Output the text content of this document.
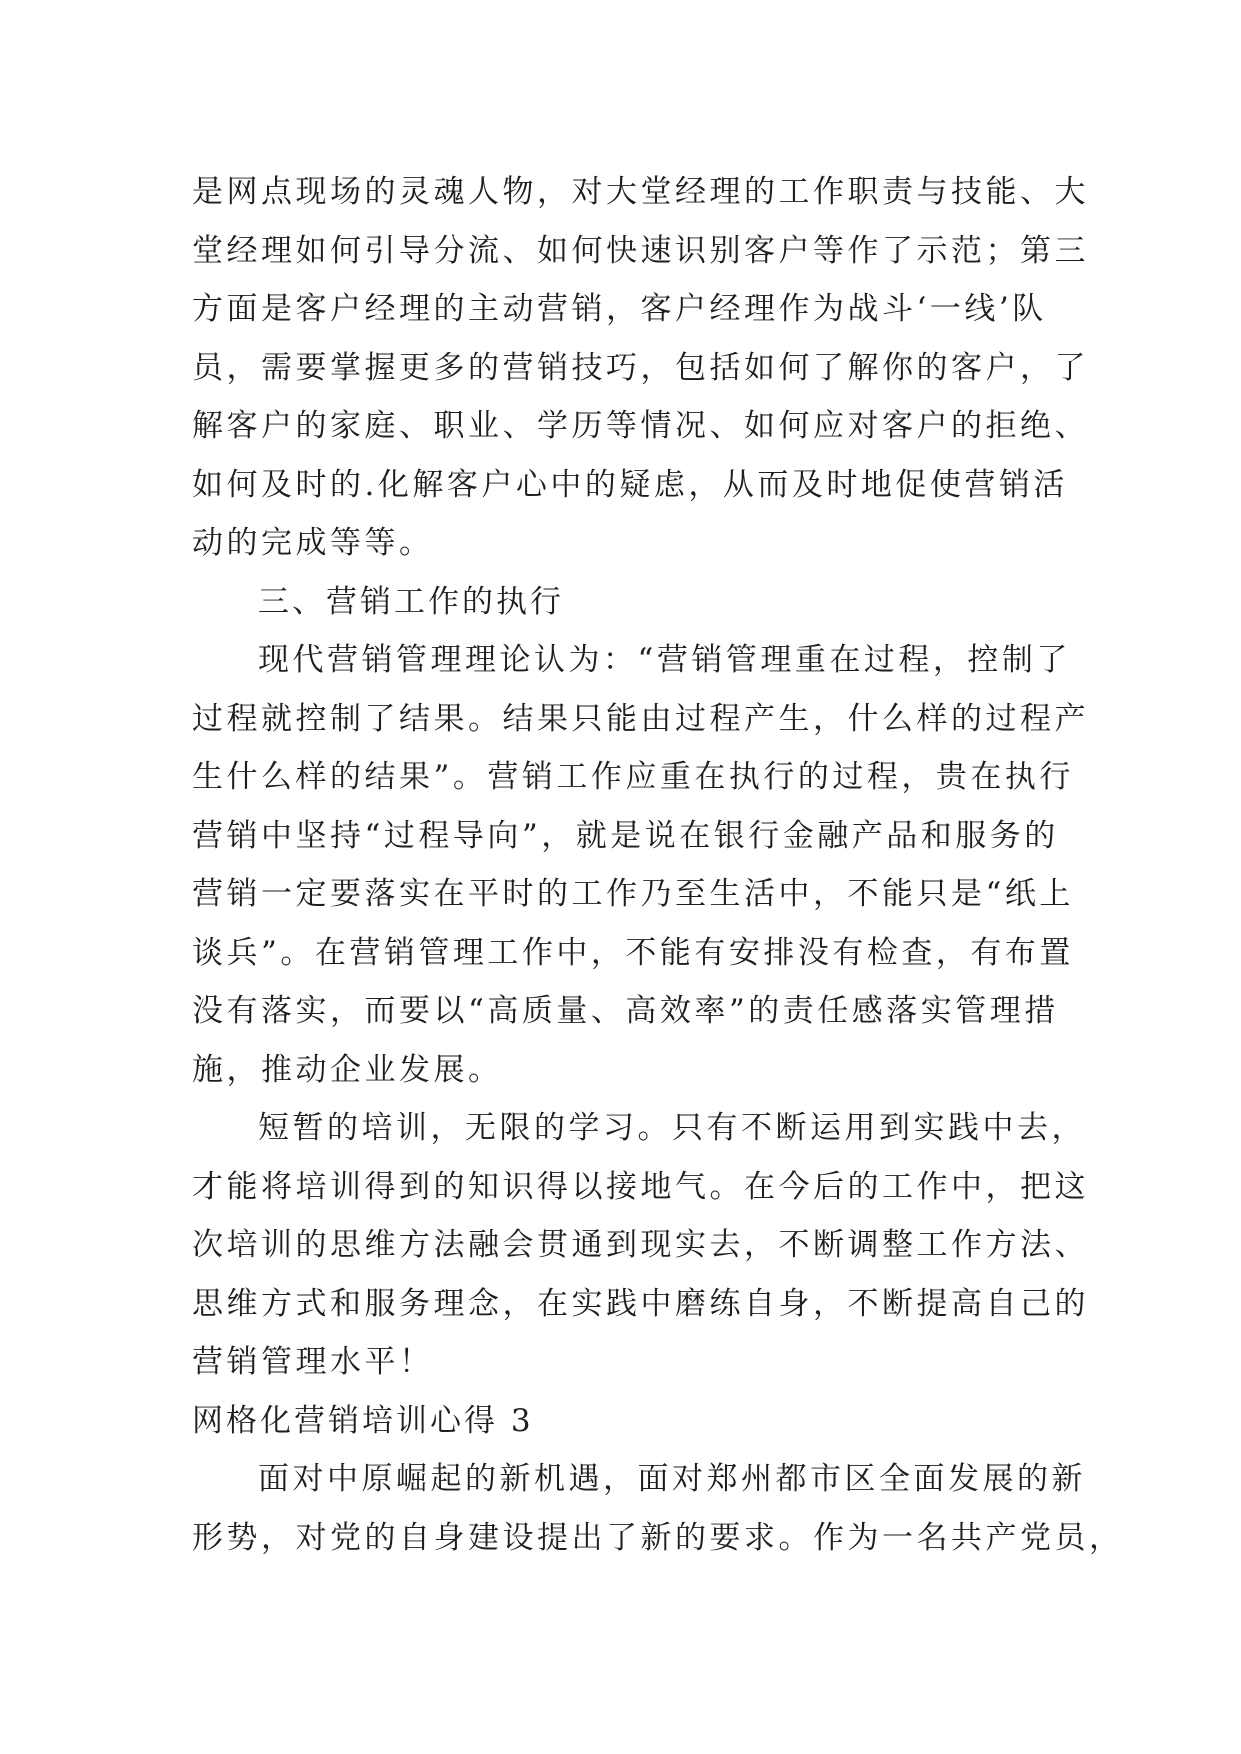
是网点现场的灵魂人物，对大堂经理的工作职责与技能、大
堂经理如何引导分流、如何快速识别客户等作了示范；第三
方面是客户经理的主动营销，客户经理作为战斗‘一线’队
员，需要掌握更多的营销技巧，包括如何了解你的客户，了
解客户的家庭、职业、学历等情况、如何应对客户的拒绝、
如何及时的.化解客户心中的疑虑，从而及时地促使营销活
动的完成等等。
三、营销工作的执行
现代营销管理理论认为：“营销管理重在过程，控制了
过程就控制了结果。结果只能由过程产生，什么样的过程产
生什么样的结果”。营销工作应重在执行的过程，贵在执行
营销中坚持“过程导向”，就是说在银行金融产品和服务的
营销一定要落实在平时的工作乃至生活中，不能只是“纸上
谈兵”。在营销管理工作中，不能有安排没有检查，有布置
没有落实，而要以“高质量、高效率”的责任感落实管理措
施，推动企业发展。
短暂的培训，无限的学习。只有不断运用到实践中去，
才能将培训得到的知识得以接地气。在今后的工作中，把这
次培训的思维方法融会贯通到现实去，不断调整工作方法、
思维方式和服务理念，在实践中磨练自身，不断提高自己的
营销管理水平！
网格化营销培训心得 3
面对中原崛起的新机遇，面对郑州都市区全面发展的新
形势，对党的自身建设提出了新的要求。作为一名共产党员，
